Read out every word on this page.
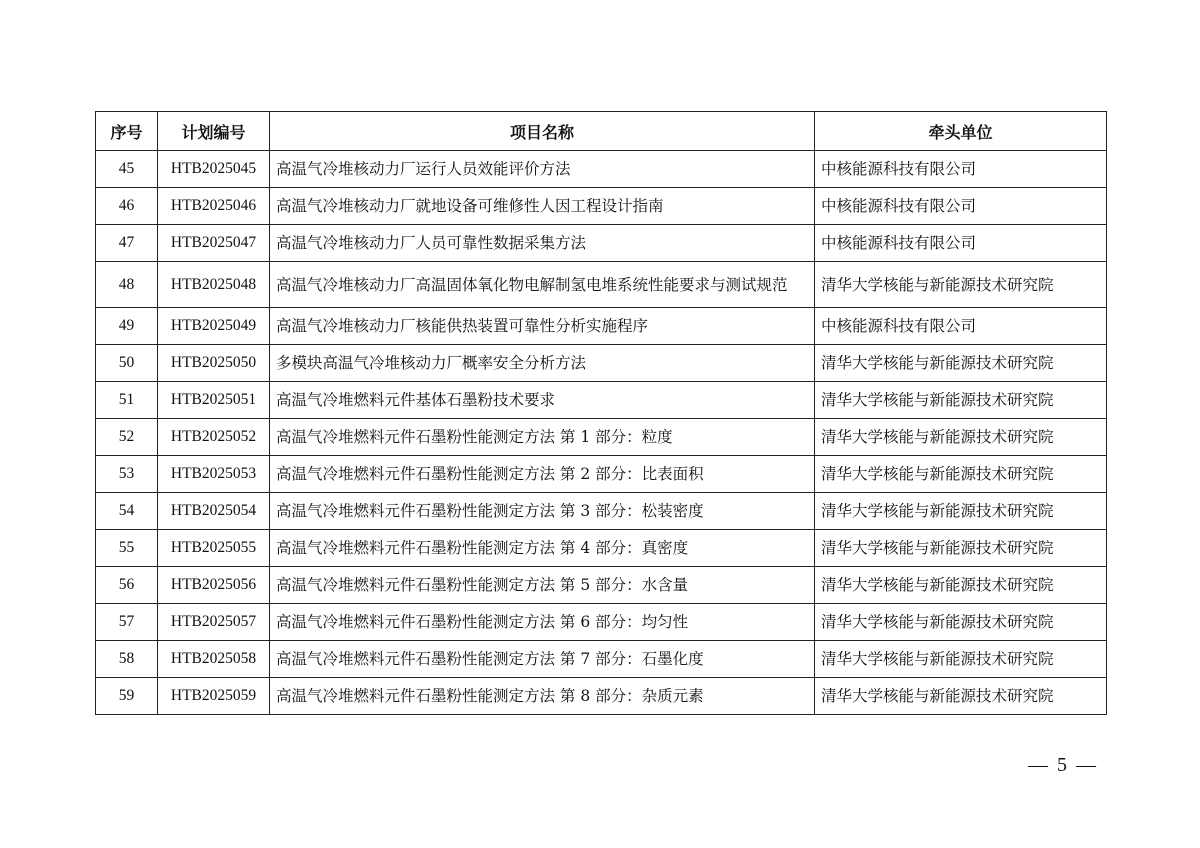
序号	计划编号	项目名称	牵头单位
45	HTB2025045	高温气冷堆核动力厂运行人员效能评价方法	中核能源科技有限公司
46	HTB2025046	高温气冷堆核动力厂就地设备可维修性人因工程设计指南	中核能源科技有限公司
47	HTB2025047	高温气冷堆核动力厂人员可靠性数据采集方法	中核能源科技有限公司
48	HTB2025048	高温气冷堆核动力厂高温固体氧化物电解制氢电堆系统性能要求与测试规范	清华大学核能与新能源技术研究院
49	HTB2025049	高温气冷堆核动力厂核能供热装置可靠性分析实施程序	中核能源科技有限公司
50	HTB2025050	多模块高温气冷堆核动力厂概率安全分析方法	清华大学核能与新能源技术研究院
51	HTB2025051	高温气冷堆燃料元件基体石墨粉技术要求	清华大学核能与新能源技术研究院
52	HTB2025052	高温气冷堆燃料元件石墨粉性能测定方法 第 1 部分：粒度	清华大学核能与新能源技术研究院
53	HTB2025053	高温气冷堆燃料元件石墨粉性能测定方法 第 2 部分：比表面积	清华大学核能与新能源技术研究院
54	HTB2025054	高温气冷堆燃料元件石墨粉性能测定方法 第 3 部分：松装密度	清华大学核能与新能源技术研究院
55	HTB2025055	高温气冷堆燃料元件石墨粉性能测定方法 第 4 部分：真密度	清华大学核能与新能源技术研究院
56	HTB2025056	高温气冷堆燃料元件石墨粉性能测定方法 第 5 部分：水含量	清华大学核能与新能源技术研究院
57	HTB2025057	高温气冷堆燃料元件石墨粉性能测定方法 第 6 部分：均匀性	清华大学核能与新能源技术研究院
58	HTB2025058	高温气冷堆燃料元件石墨粉性能测定方法 第 7 部分：石墨化度	清华大学核能与新能源技术研究院
59	HTB2025059	高温气冷堆燃料元件石墨粉性能测定方法 第 8 部分：杂质元素	清华大学核能与新能源技术研究院
— 5 —
